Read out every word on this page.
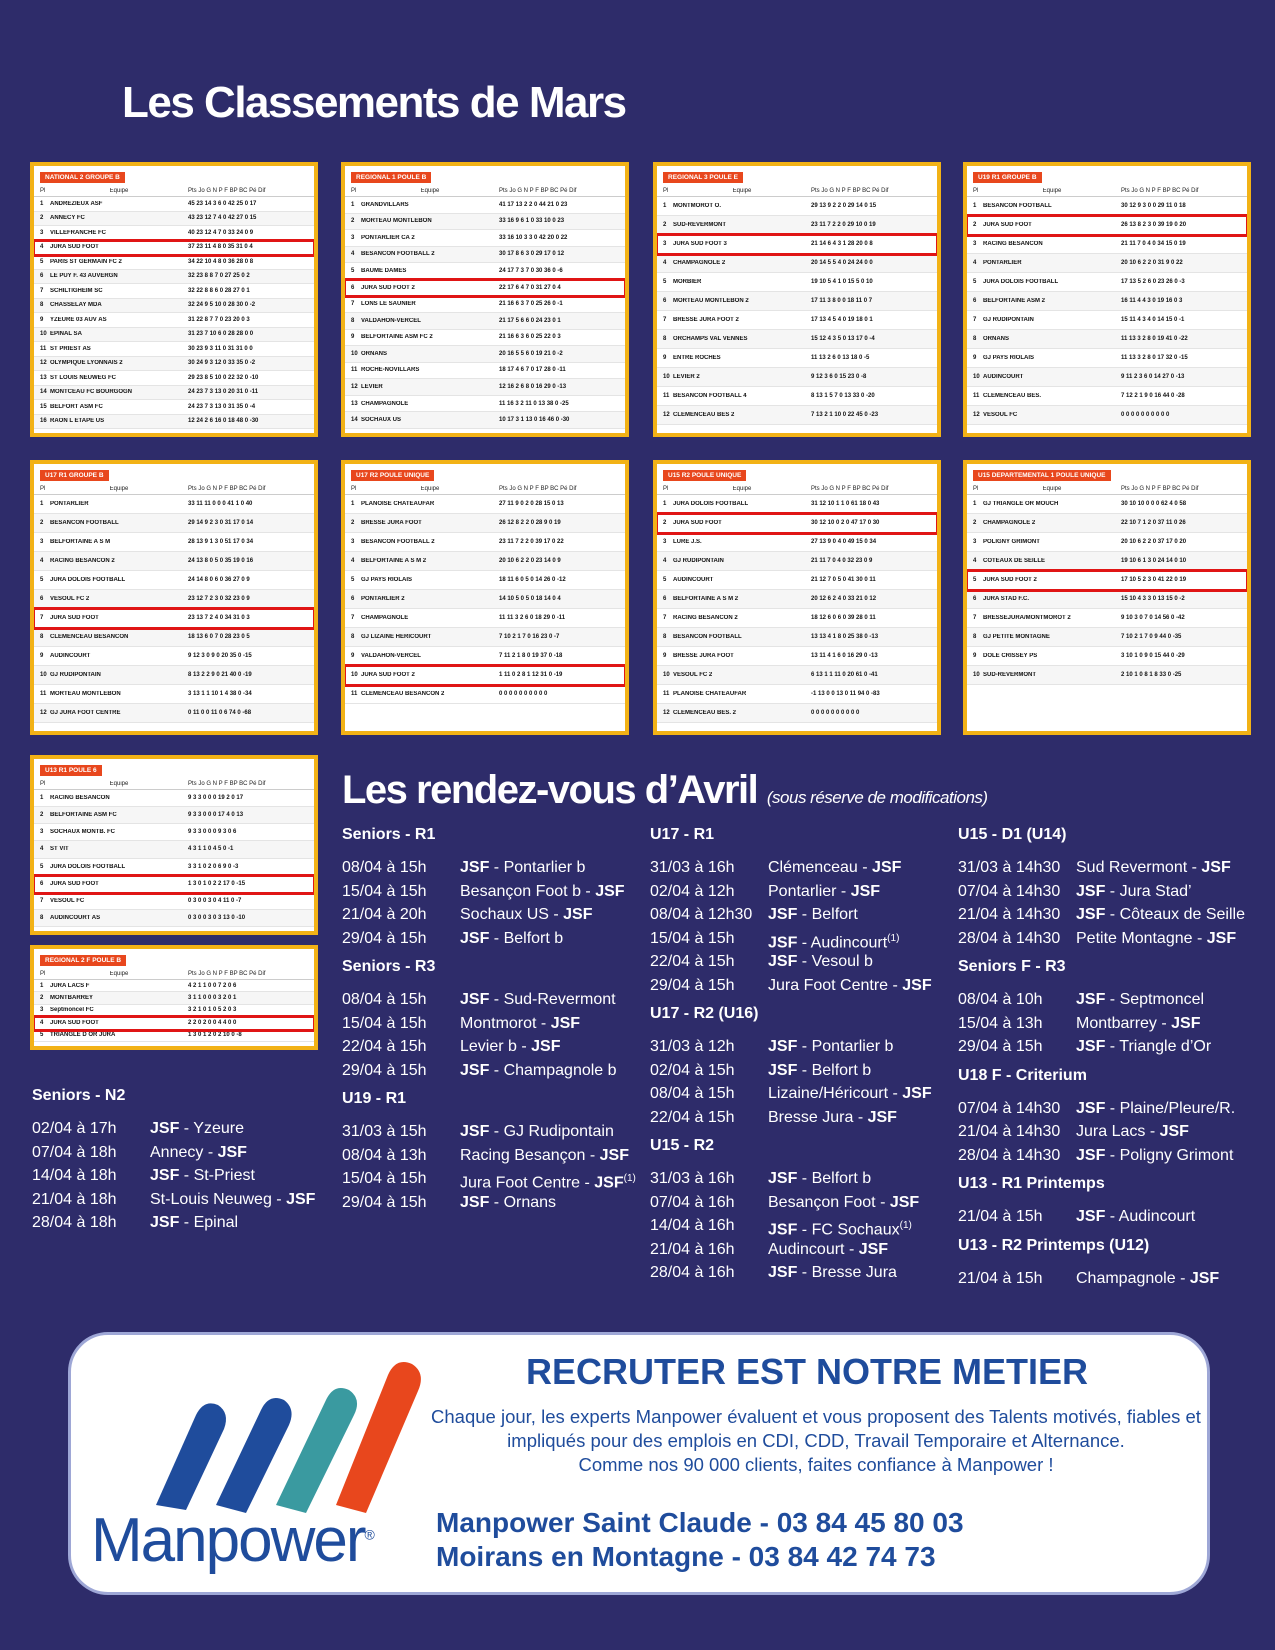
Les Classements de Mars
NATIONAL 2 GROUPE B
Pl	Equipe	Pts Jo G N P F BP BC Pé Dif
1	ANDREZIEUX ASF	45 23 14 3 6 0 42 25 0 17
2	ANNECY FC	43 23 12 7 4 0 42 27 0 15
3	VILLEFRANCHE FC	40 23 12 4 7 0 33 24 0 9
4	JURA SUD FOOT	37 23 11 4 8 0 35 31 0 4
5	PARIS ST GERMAIN FC 2	34 22 10 4 8 0 36 28 0 8
6	LE PUY F. 43 AUVERGN	32 23 8 8 7 0 27 25 0 2
7	SCHILTIGHEIM SC	32 22 8 8 6 0 28 27 0 1
8	CHASSELAY MDA	32 24 9 5 10 0 28 30 0 -2
9	YZEURE 03 AUV AS	31 22 8 7 7 0 23 20 0 3
10 EPINAL SA	31 23 7 10 6 0 28 28 0 0
11 ST PRIEST AS	30 23 9 3 11 0 31 31 0 0
12 OLYMPIQUE LYONNAIS 2	30 24 9 3 12 0 33 35 0 -2
13 ST LOUIS NEUWEG FC	29 23 8 5 10 0 22 32 0 -10
14 MONTCEAU FC BOURGOGN	24 23 7 3 13 0 20 31 0 -11
15 BELFORT ASM FC	24 23 7 3 13 0 31 35 0 -4
16 RAON L ETAPE US	12 24 2 6 16 0 18 48 0 -30
REGIONAL 1 POULE B
Pl	Equipe	Pts Jo G N P F BP BC Pé Dif
1	GRANDVILLARS	41 17 13 2 2 0 44 21 0 23
2	MORTEAU MONTLEBON	33 16 9 6 1 0 33 10 0 23
3	PONTARLIER CA 2	33 16 10 3 3 0 42 20 0 22
4	BESANCON FOOTBALL 2	30 17 8 6 3 0 29 17 0 12
5	BAUME DAMES	24 17 7 3 7 0 30 36 0 -6
6	JURA SUD FOOT 2	22 17 6 4 7 0 31 27 0 4
7	LONS LE SAUNIER	21 16 6 3 7 0 25 26 0 -1
8	VALDAHON-VERCEL	21 17 5 6 6 0 24 23 0 1
9	BELFORTAINE ASM FC 2	21 16 6 3 6 0 25 22 0 3
10 ORNANS	20 16 5 5 6 0 19 21 0 -2
11 ROCHE-NOVILLARS	18 17 4 6 7 0 17 28 0 -11
12 LEVIER	12 16 2 6 8 0 16 29 0 -13
13 CHAMPAGNOLE	11 16 3 2 11 0 13 38 0 -25
14 SOCHAUX US	10 17 3 1 13 0 16 46 0 -30
REGIONAL 3 POULE E
Pl	Equipe	Pts Jo G N P F BP BC Pé Dif
1	MONTMOROT O.	29 13 9 2 2 0 29 14 0 15
2	SUD-REVERMONT	23 11 7 2 2 0 29 10 0 19
3	JURA SUD FOOT 3	21 14 6 4 3 1 28 20 0 8
4	CHAMPAGNOLE 2	20 14 5 5 4 0 24 24 0 0
5	MORBIER	19 10 5 4 1 0 15 5 0 10
6	MORTEAU MONTLEBON 2	17 11 3 8 0 0 18 11 0 7
7	BRESSE JURA FOOT 2	17 13 4 5 4 0 19 18 0 1
8	ORCHAMPS VAL VENNES	15 12 4 3 5 0 13 17 0 -4
9	ENTRE ROCHES	11 13 2 6 0 13 18 0 -5
10 LEVIER 2	9 12 3 6 0 15 23 0 -8
11 BESANCON FOOTBALL 4	8 13 1 5 7 0 13 33 0 -20
12 CLEMENCEAU BES 2	7 13 2 1 10 0 22 45 0 -23
U19 R1 GROUPE B
Pl	Equipe	Pts Jo G N P F BP BC Pé Dif
1	BESANCON FOOTBALL	30 12 9 3 0 0 29 11 0 18
2	JURA SUD FOOT	26 13 8 2 3 0 39 19 0 20
3	RACING BESANCON	21 11 7 0 4 0 34 15 0 19
4	PONTARLIER	20 10 6 2 2 0 31 9 0 22
5	JURA DOLOIS FOOTBALL	17 13 5 2 6 0 23 26 0 -3
6	BELFORTAINE ASM 2	16 11 4 4 3 0 19 16 0 3
7	GJ RUDIPONTAIN	15 11 4 3 4 0 14 15 0 -1
8	ORNANS	11 13 3 2 8 0 19 41 0 -22
9	GJ PAYS RIOLAIS	11 13 3 2 8 0 17 32 0 -15
10 AUDINCOURT	9 11 2 3 6 0 14 27 0 -13
11 CLEMENCEAU BES.	7 12 2 1 9 0 16 44 0 -28
12 VESOUL FC	0 0 0 0 0 0 0 0 0 0
U17 R1 GROUPE B
Pl	Equipe	Pts Jo G N P F BP BC Pé Dif
1	PONTARLIER	33 11 11 0 0 0 41 1 0 40
2	BESANCON FOOTBALL	29 14 9 2 3 0 31 17 0 14
3	BELFORTAINE A S M	28 13 9 1 3 0 51 17 0 34
4	RACING BESANCON 2	24 13 8 0 5 0 35 19 0 16
5	JURA DOLOIS FOOTBALL	24 14 8 0 6 0 36 27 0 9
6	VESOUL FC 2	23 12 7 2 3 0 32 23 0 9
7	JURA SUD FOOT	23 13 7 2 4 0 34 31 0 3
8	CLEMENCEAU BESANCON	18 13 6 0 7 0 28 23 0 5
9	AUDINCOURT	9 12 3 0 9 0 20 35 0 -15
10 GJ RUDIPONTAIN	8 13 2 2 9 0 21 40 0 -19
11 MORTEAU MONTLEBON	3 13 1 1 10 1 4 38 0 -34
12 GJ JURA FOOT CENTRE	0 11 0 0 11 0 6 74 0 -68
U17 R2 POULE UNIQUE
Pl	Equipe	Pts Jo G N P F BP BC Pé Dif
1	PLANOISE CHATEAUFAR	27 11 9 0 2 0 28 15 0 13
2	BRESSE JURA FOOT	26 12 8 2 2 0 28 9 0 19
3	BESANCON FOOTBALL 2	23 11 7 2 2 0 39 17 0 22
4	BELFORTAINE A S M 2	20 10 6 2 2 0 23 14 0 9
5	GJ PAYS RIOLAIS	18 11 6 0 5 0 14 26 0 -12
6	PONTARLIER 2	14 10 5 0 5 0 18 14 0 4
7	CHAMPAGNOLE	11 11 3 2 6 0 18 29 0 -11
8	GJ LIZAINE HERICOURT	7 10 2 1 7 0 16 23 0 -7
9	VALDAHON-VERCEL	7 11 2 1 8 0 19 37 0 -18
10 JURA SUD FOOT 2	1 11 0 2 8 1 12 31 0 -19
11 CLEMENCEAU BESANCON 2	0 0 0 0 0 0 0 0 0 0
U15 R2 POULE UNIQUE
Pl	Equipe	Pts Jo G N P F BP BC Pé Dif
1	JURA DOLOIS FOOTBALL	31 12 10 1 1 0 61 18 0 43
2	JURA SUD FOOT	30 12 10 0 2 0 47 17 0 30
3	LURE J.S.	27 13 9 0 4 0 49 15 0 34
4	GJ RUDIPONTAIN	21 11 7 0 4 0 32 23 0 9
5	AUDINCOURT	21 12 7 0 5 0 41 30 0 11
6	BELFORTAINE A S M 2	20 12 6 2 4 0 33 21 0 12
7	RACING BESANCON 2	18 12 6 0 6 0 39 28 0 11
8	BESANCON FOOTBALL	13 13 4 1 8 0 25 38 0 -13
9	BRESSE JURA FOOT	13 11 4 1 6 0 16 29 0 -13
10 VESOUL FC 2	6 13 1 1 11 0 20 61 0 -41
11 PLANOISE CHATEAUFAR	-1 13 0 0 13 0 11 94 0 -83
12 CLEMENCEAU BES. 2	0 0 0 0 0 0 0 0 0 0
U15 DEPARTEMENTAL 1 POULE UNIQUE
Pl	Equipe	Pts Jo G N P F BP BC Pé Dif
1	GJ TRIANGLE OR MOUCH	30 10 10 0 0 0 62 4 0 58
2	CHAMPAGNOLE 2	22 10 7 1 2 0 37 11 0 26
3	POLIGNY GRIMONT	20 10 6 2 2 0 37 17 0 20
4	COTEAUX DE SEILLE	19 10 6 1 3 0 24 14 0 10
5	JURA SUD FOOT 2	17 10 5 2 3 0 41 22 0 19
6	JURA STAD F.C.	15 10 4 3 3 0 13 15 0 -2
7	BRESSEJURA/MONTMOROT 2	9 10 3 0 7 0 14 56 0 -42
8	GJ PETITE MONTAGNE	7 10 2 1 7 0 9 44 0 -35
9	DOLE CRISSEY PS	3 10 1 0 9 0 15 44 0 -29
10 SUD-REVERMONT	2 10 1 0 8 1 8 33 0 -25
U13 R1 POULE 6
Pl	Equipe	Pts Jo G N P F BP BC Pé Dif
1	RACING BESANCON	9 3 3 0 0 0 19 2 0 17
2	BELFORTAINE ASM FC	9 3 3 0 0 0 17 4 0 13
3	SOCHAUX MONTB. FC	9 3 3 0 0 0 9 3 0 6
4	ST VIT	4 3 1 1 0 4 5 0 -1
5	JURA DOLOIS FOOTBALL	3 3 1 0 2 0 6 9 0 -3
6	JURA SUD FOOT	1 3 0 1 0 2 2 17 0 -15
7	VESOUL FC	0 3 0 0 3 0 4 11 0 -7
8	AUDINCOURT AS	0 3 0 0 3 0 3 13 0 -10
REGIONAL 2 F POULE B
Pl	Equipe	Pts Jo G N P F BP BC Pé Dif
1	JURA LACS F	4 2 1 1 0 0 7 2 0 6
2	MONTBARREY	3 1 1 0 0 0 3 2 0 1
3	Septmoncel FC	3 2 1 0 1 0 5 2 0 3
4	JURA SUD FOOT	2 2 0 2 0 0 4 4 0 0
5	TRIANGLE D OR JURA	1 3 0 1 2 0 2 10 0 -8
Les rendez-vous d’Avril (sous réserve de modifications)
Seniors - N2
02/04 à 17h	JSF - Yzeure
07/04 à 18h	Annecy - JSF
14/04 à 18h	JSF - St-Priest
21/04 à 18h	St-Louis Neuweg - JSF
28/04 à 18h	JSF - Epinal
Seniors - R1
08/04 à 15h	JSF - Pontarlier b
15/04 à 15h	Besançon Foot b - JSF
21/04 à 20h	Sochaux US - JSF
29/04 à 15h	JSF - Belfort b
Seniors - R3
08/04 à 15h	JSF - Sud-Revermont
15/04 à 15h	Montmorot - JSF
22/04 à 15h	Levier b - JSF
29/04 à 15h	JSF - Champagnole b
U19 - R1
31/03 à 15h	JSF - GJ Rudipontain
08/04 à 13h	Racing Besançon - JSF
15/04 à 15h	Jura Foot Centre - JSF$^{(1)}$
29/04 à 15h	JSF - Ornans
U17 - R1
31/03 à 16h	Clémenceau - JSF
02/04 à 12h	Pontarlier - JSF
08/04 à 12h30 JSF - Belfort
15/04 à 15h	JSF - Audincourt$^{(1)}$
22/04 à 15h	JSF - Vesoul b
29/04 à 15h	Jura Foot Centre - JSF
U17 - R2 (U16)
31/03 à 12h	JSF - Pontarlier b
02/04 à 15h	JSF - Belfort b
08/04 à 15h	Lizaine/Héricourt - JSF
22/04 à 15h	Bresse Jura - JSF
U15 - R2
31/03 à 16h	JSF - Belfort b
07/04 à 16h	Besançon Foot - JSF
14/04 à 16h	JSF - FC Sochaux$^{(1)}$
21/04 à 16h	Audincourt - JSF
28/04 à 16h	JSF - Bresse Jura
U15 - D1 (U14)
31/03 à 14h30 Sud Revermont - JSF
07/04 à 14h30 JSF - Jura Stad’
21/04 à 14h30 JSF - Côteaux de Seille
28/04 à 14h30 Petite Montagne - JSF
Seniors F - R3
08/04 à 10h	JSF - Septmoncel
15/04 à 13h	Montbarrey - JSF
29/04 à 15h	JSF - Triangle d’Or
U18 F - Criterium
07/04 à 14h30 JSF - Plaine/Pleure/R.
21/04 à 14h30 Jura Lacs - JSF
28/04 à 14h30 JSF - Poligny Grimont
U13 - R1 Printemps
21/04 à 15h	JSF - Audincourt
U13 - R2 Printemps (U12)
21/04 à 15h	Champagnole - JSF
Manpower®
RECRUTER EST NOTRE METIER
Chaque jour, les experts Manpower évaluent et vous proposent des Talents motivés, fiables et impliqués pour des emplois en CDI, CDD, Travail Temporaire et Alternance.
Comme nos 90 000 clients, faites confiance à Manpower !
Manpower Saint Claude - 03 84 45 80 03
Moirans en Montagne - 03 84 42 74 73
